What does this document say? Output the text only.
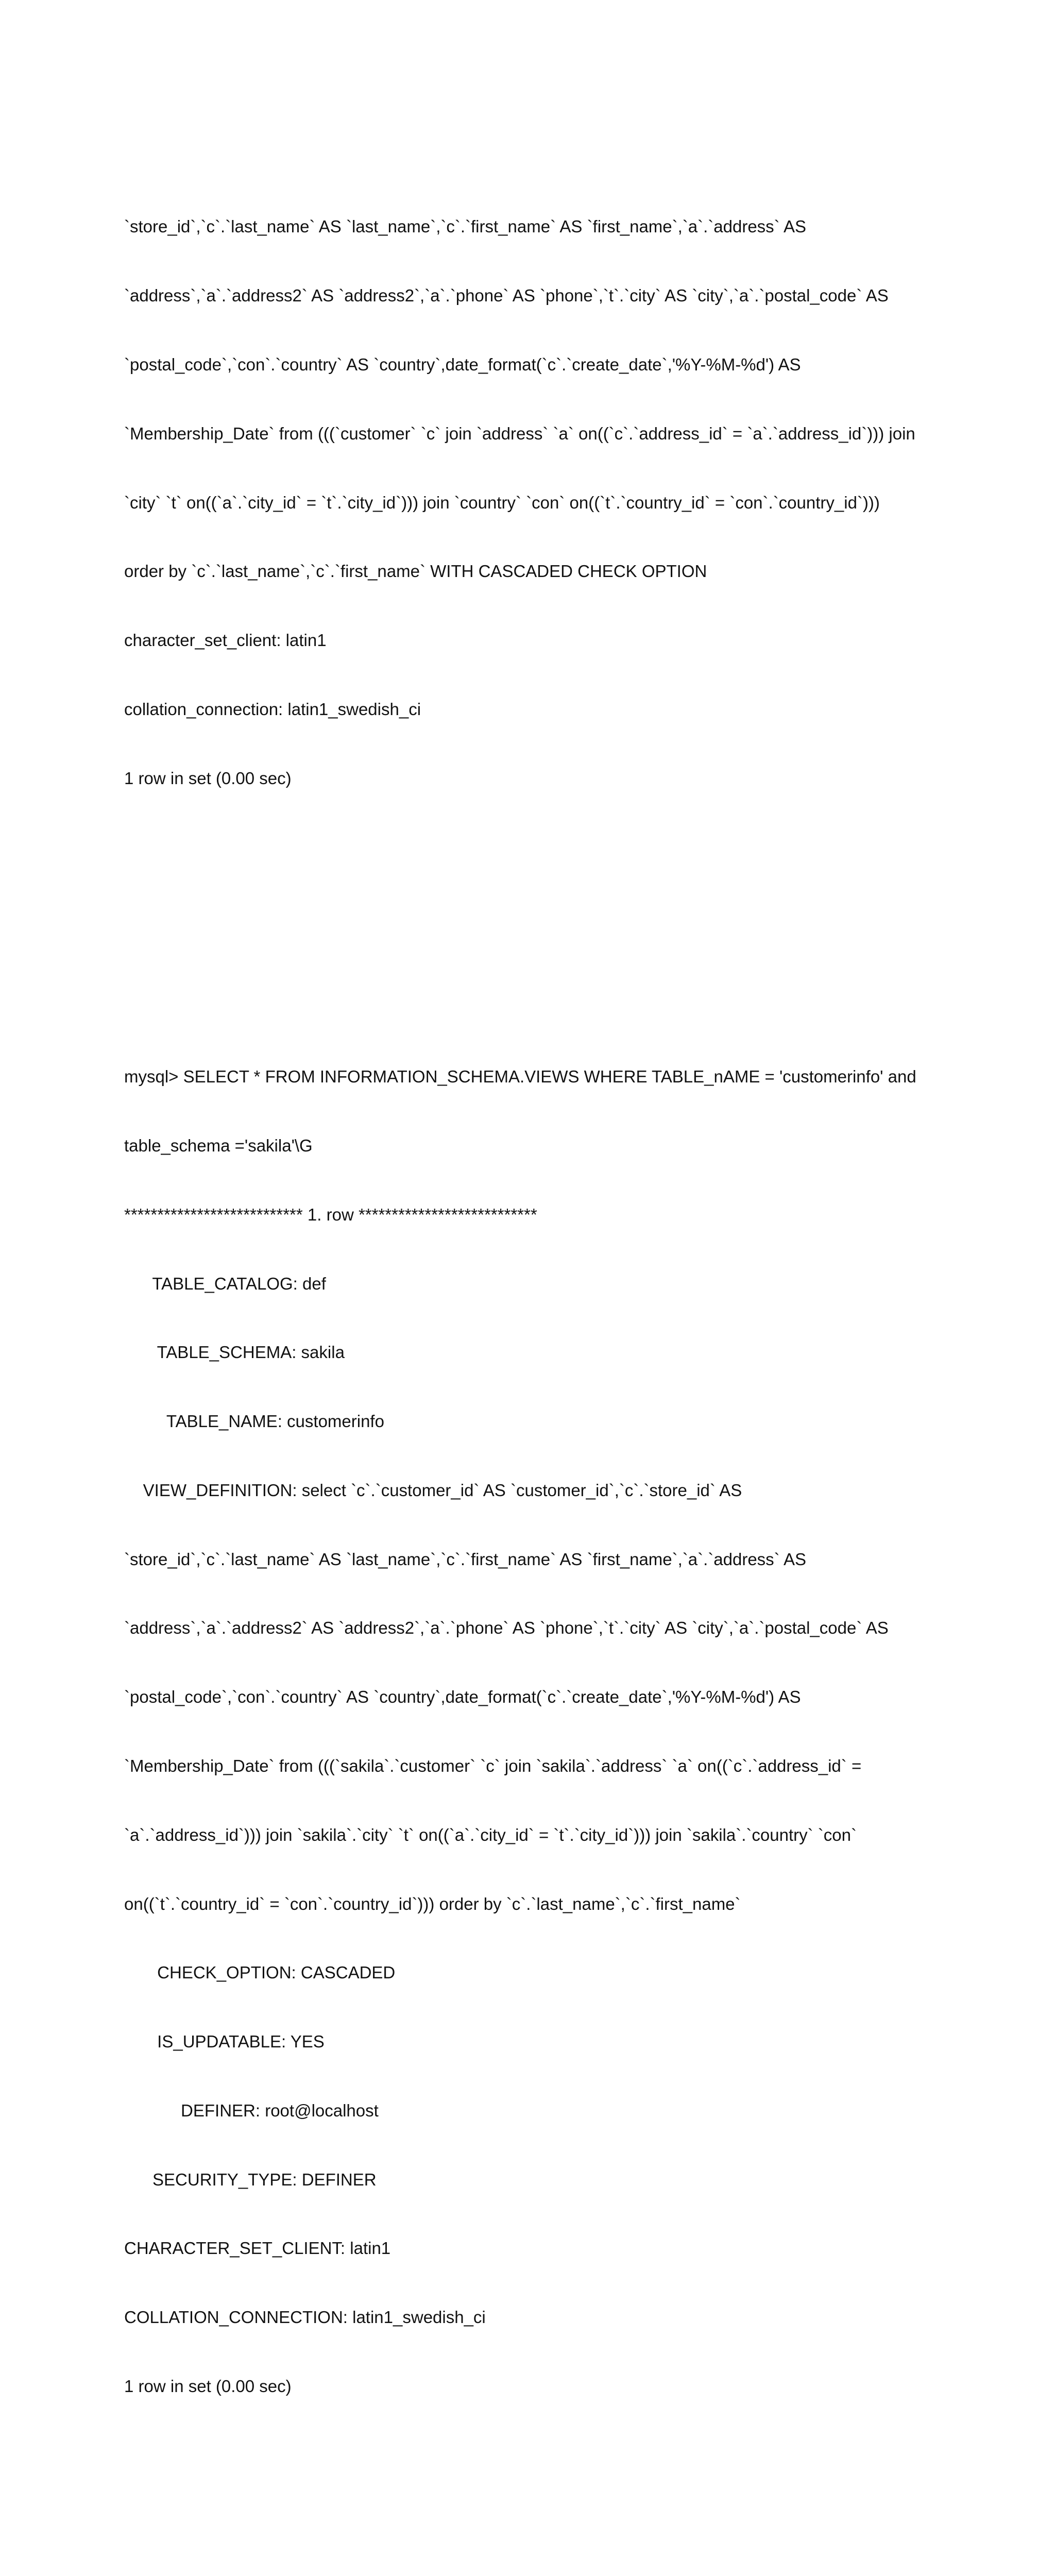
`store_id`,`c`.`last_name` AS `last_name`,`c`.`first_name` AS `first_name`,`a`.`address` AS

`address`,`a`.`address2` AS `address2`,`a`.`phone` AS `phone`,`t`.`city` AS `city`,`a`.`postal_code` AS

`postal_code`,`con`.`country` AS `country`,date_format(`c`.`create_date`,'%Y-%M-%d') AS

`Membership_Date` from (((`customer` `c` join `address` `a` on((`c`.`address_id` = `a`.`address_id`))) join

`city` `t` on((`a`.`city_id` = `t`.`city_id`))) join `country` `con` on((`t`.`country_id` = `con`.`country_id`)))

order by `c`.`last_name`,`c`.`first_name` WITH CASCADED CHECK OPTION

character_set_client: latin1

collation_connection: latin1_swedish_ci

1 row in set (0.00 sec)

mysql> SELECT * FROM INFORMATION_SCHEMA.VIEWS WHERE TABLE_nAME = 'customerinfo' and

table_schema ='sakila'\G

*************************** 1. row ***************************

TABLE_CATALOG: def

TABLE_SCHEMA: sakila

TABLE_NAME: customerinfo

VIEW_DEFINITION: select `c`.`customer_id` AS `customer_id`,`c`.`store_id` AS

`store_id`,`c`.`last_name` AS `last_name`,`c`.`first_name` AS `first_name`,`a`.`address` AS

`address`,`a`.`address2` AS `address2`,`a`.`phone` AS `phone`,`t`.`city` AS `city`,`a`.`postal_code` AS

`postal_code`,`con`.`country` AS `country`,date_format(`c`.`create_date`,'%Y-%M-%d') AS

`Membership_Date` from (((`sakila`.`customer` `c` join `sakila`.`address` `a` on((`c`.`address_id` =

`a`.`address_id`))) join `sakila`.`city` `t` on((`a`.`city_id` = `t`.`city_id`))) join `sakila`.`country` `con`

on((`t`.`country_id` = `con`.`country_id`))) order by `c`.`last_name`,`c`.`first_name`

CHECK_OPTION: CASCADED

IS_UPDATABLE: YES

DEFINER: root@localhost

SECURITY_TYPE: DEFINER

CHARACTER_SET_CLIENT: latin1

COLLATION_CONNECTION: latin1_swedish_ci

1 row in set (0.00 sec)
